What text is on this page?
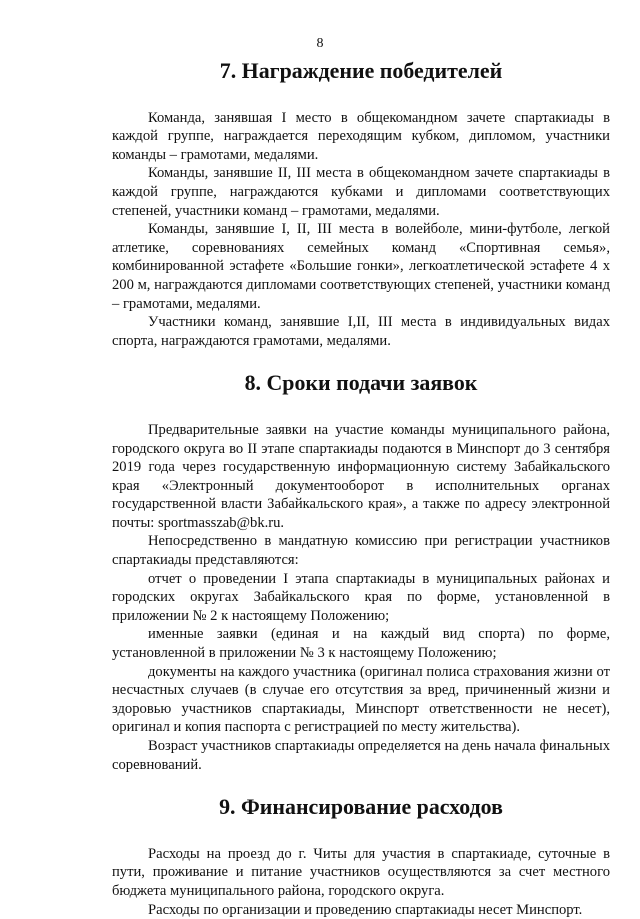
8
7. Награждение победителей

Команда, занявшая I место в общекомандном зачете спартакиады в каждой группе, награждается переходящим кубком, дипломом, участники команды – грамотами, медалями.

Команды, занявшие II, III места в общекомандном зачете спартакиады в каждой группе, награждаются кубками и дипломами соответствующих степеней, участники команд – грамотами, медалями.

Команды, занявшие I, II, III места в волейболе, мини-футболе, легкой атлетике, соревнованиях семейных команд «Спортивная семья», комбинированной эстафете «Большие гонки», легкоатлетической эстафете 4 х 200 м, награждаются дипломами соответствующих степеней, участники команд – грамотами, медалями.

Участники команд, занявшие I,II, III места в индивидуальных видах спорта, награждаются грамотами, медалями.

8. Сроки подачи заявок

Предварительные заявки на участие команды муниципального района, городского округа во II этапе спартакиады подаются в Минспорт до 3 сентября 2019 года через государственную информационную систему Забайкальского края «Электронный документооборот в исполнительных органах государственной власти Забайкальского края», а также по адресу электронной почты: sportmasszab@bk.ru.

Непосредственно в мандатную комиссию при регистрации участников спартакиады представляются:

отчет о проведении I этапа спартакиады в муниципальных районах и городских округах Забайкальского края по форме, установленной в приложении № 2 к настоящему Положению;

именные заявки (единая и на каждый вид спорта) по форме, установленной в приложении № 3 к настоящему Положению;

документы на каждого участника (оригинал полиса страхования жизни от несчастных случаев (в случае его отсутствия за вред, причиненный жизни и здоровью участников спартакиады, Минспорт ответственности не несет), оригинал и копия паспорта с регистрацией по месту жительства).

Возраст участников спартакиады определяется на день начала финальных соревнований.

9. Финансирование расходов

Расходы на проезд до г. Читы для участия в спартакиаде, суточные в пути, проживание и питание участников осуществляются за счет местного бюджета муниципального района, городского округа.

Расходы по организации и проведению спартакиады несет Минспорт.
